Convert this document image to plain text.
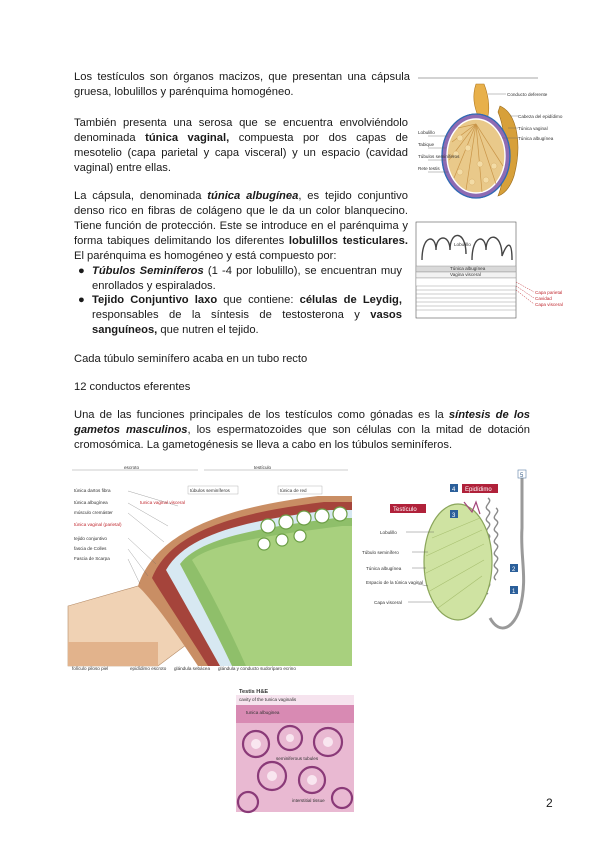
Los testículos son órganos macizos, que presentan una cápsula gruesa, lobulillos y parénquima homogéneo.
También presenta una serosa que se encuentra envolviéndolo denominada túnica vaginal, compuesta por dos capas de mesotelio (capa parietal y capa visceral) y un espacio (cavidad vaginal) entre ellas.
La cápsula, denominada túnica albugínea, es tejido conjuntivo denso rico en fibras de colágeno que le da un color blanquecino. Tiene función de protección. Este se introduce en el parénquima y forma tabiques delimitando los diferentes lobulillos testiculares. El parénquima es homogéneo y está compuesto por:
● Túbulos Seminíferos (1 -4 por lobulillo), se encuentran muy enrollados y espiralados.
● Tejido Conjuntivo laxo que contiene: células de Leydig, responsables de la síntesis de testosterona y vasos sanguíneos, que nutren el tejido.
Cada túbulo seminífero acaba en un tubo recto
12 conductos eferentes
Una de las funciones principales de los testículos como gónadas es la síntesis de los gametos masculinos, los espermatozoides que son células con la mitad de dotación cromosómica. La gametogénesis se lleva a cabo en los túbulos seminíferos.
Conducto deferente
Cabeza del epidídimo
Túnica vaginal
Túnica albugínea
Lobulillo
Tabique
Túbulos seminíferos
Rete testis
Lobulillo
Túnica albugínea
Vagina visceral
Capa parietal
Cavidad
Capa visceral
escroto	testículo
túbulos seminíferos	túnica de red
túnica dartos fibra
túnica albugínea	tunica vaginal visceral
músculo cremáster
túnica vaginal (parietal)
tejido conjuntivo
fascia de Colles
Fascia de Scarpa
folículo piloso piel	epidídimo escroto glándula sebácea glándula y conducto sudoríparo ecrino
Testículo
Epidídimo
5
4
3
2
1
Lobulillo
Túbulo seminífero
Túnica albugínea
Espacio de la túnica vaginal
Capa visceral
Testis H&E
cavity of the tunica vaginalis
tunica albuginea
seminiferous tubules
interstitial tissue	2
